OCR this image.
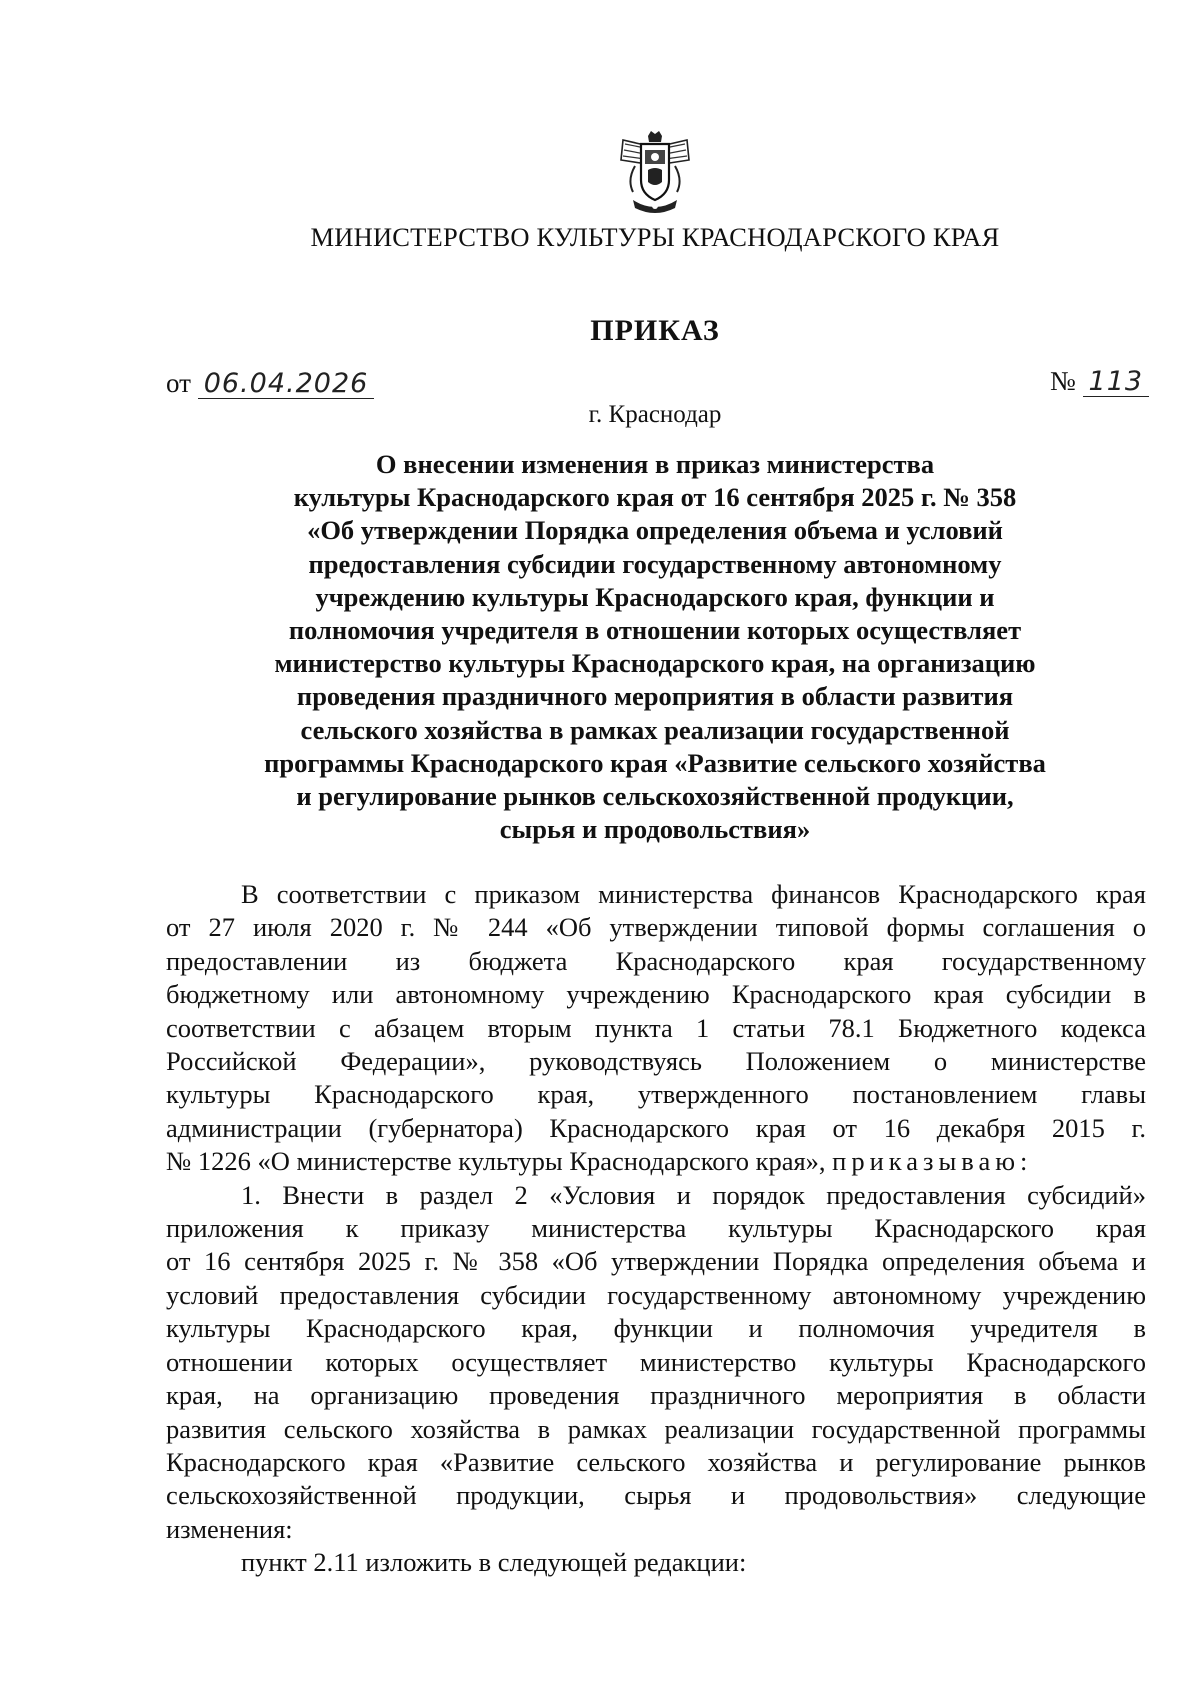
МИНИСТЕРСТВО КУЛЬТУРЫ КРАСНОДАРСКОГО КРАЯ
ПРИКАЗ
от 06.04.2026	№ 113
г. Краснодар
О внесении изменения в приказ министерства
культуры Краснодарского края от 16 сентября 2025 г. № 358
«Об утверждении Порядка определения объема и условий
предоставления субсидии государственному автономному
учреждению культуры Краснодарского края, функции и
полномочия учредителя в отношении которых осуществляет
министерство культуры Краснодарского края, на организацию
проведения праздничного мероприятия в области развития
сельского хозяйства в рамках реализации государственной
программы Краснодарского края «Развитие сельского хозяйства
и регулирование рынков сельскохозяйственной продукции,
сырья и продовольствия»
В соответствии с приказом министерства финансов Краснодарского края
от 27 июля 2020 г. № 244 «Об утверждении типовой формы соглашения о
предоставлении из бюджета Краснодарского края государственному
бюджетному или автономному учреждению Краснодарского края субсидии в
соответствии с абзацем вторым пункта 1 статьи 78.1 Бюджетного кодекса
Российской Федерации», руководствуясь Положением о министерстве
культуры Краснодарского края, утвержденного постановлением главы
администрации (губернатора) Краснодарского края от 16 декабря 2015 г.
№ 1226 «О министерстве культуры Краснодарского края», приказываю:
1. Внести в раздел 2 «Условия и порядок предоставления субсидий»
приложения к приказу министерства культуры Краснодарского края
от 16 сентября 2025 г. № 358 «Об утверждении Порядка определения объема и
условий предоставления субсидии государственному автономному учреждению
культуры Краснодарского края, функции и полномочия учредителя в
отношении которых осуществляет министерство культуры Краснодарского
края, на организацию проведения праздничного мероприятия в области
развития сельского хозяйства в рамках реализации государственной программы
Краснодарского края «Развитие сельского хозяйства и регулирование рынков
сельскохозяйственной продукции, сырья и продовольствия» следующие
изменения:
пункт 2.11 изложить в следующей редакции:
